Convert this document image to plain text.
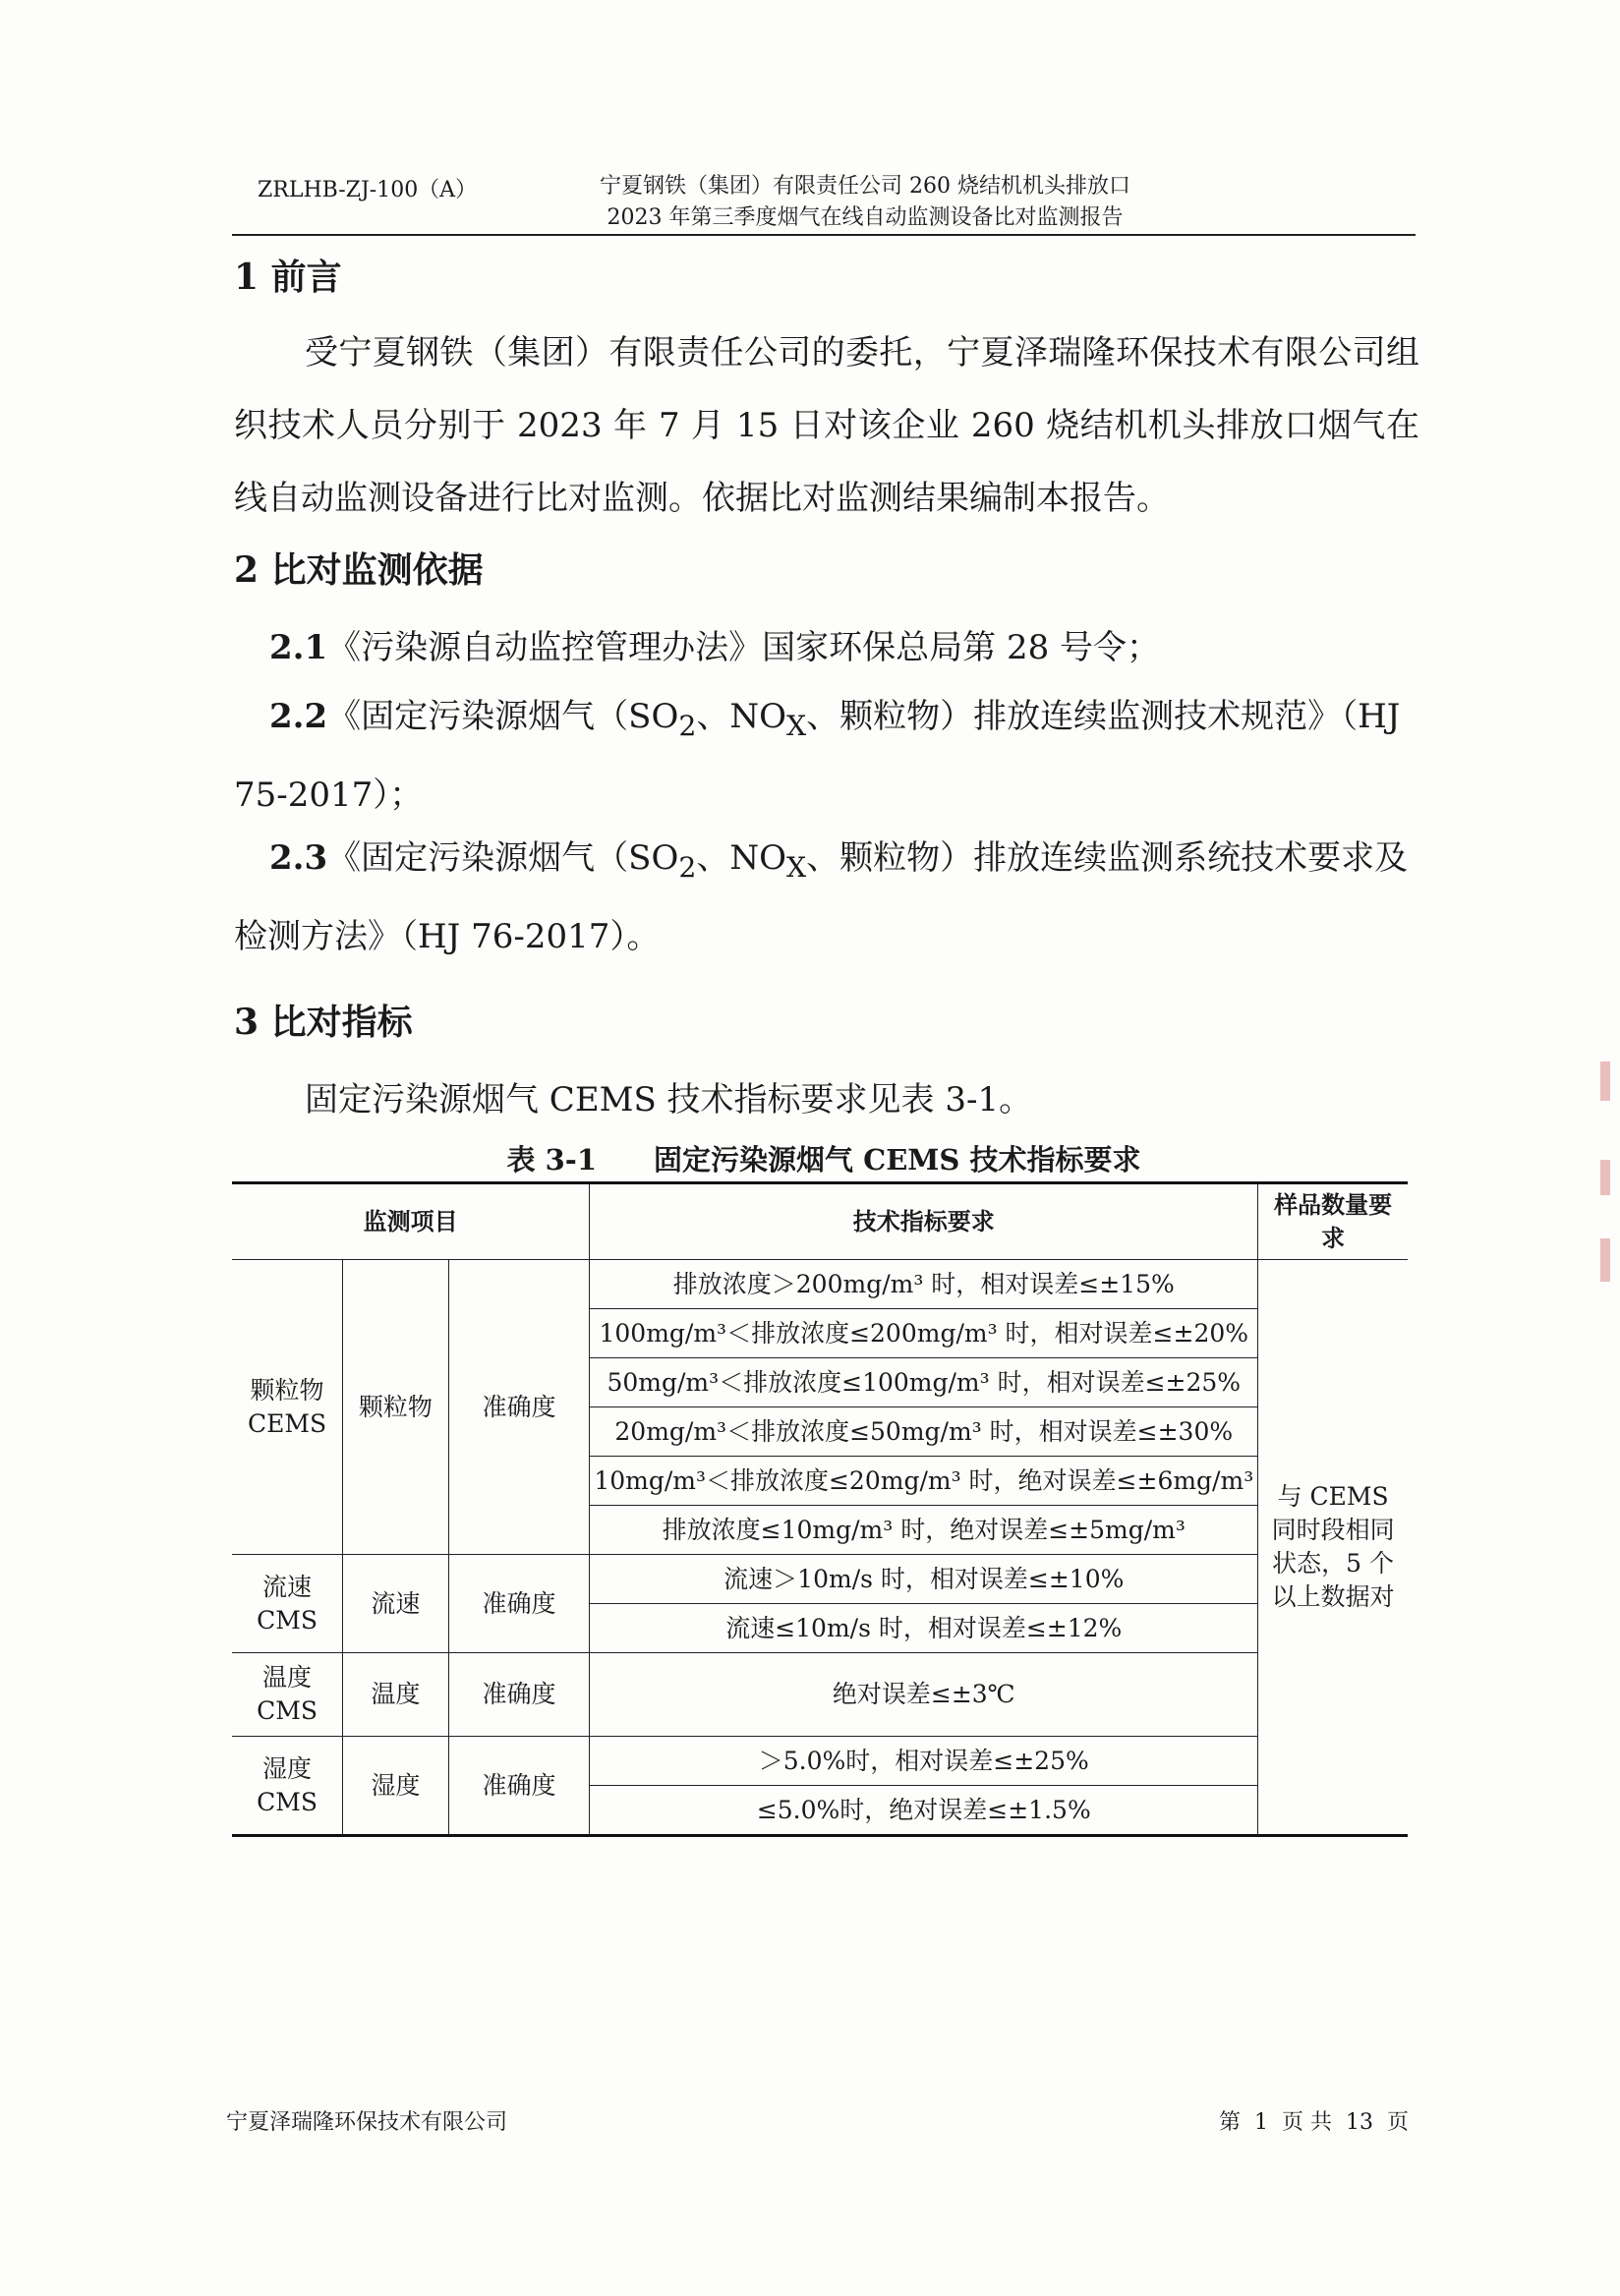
ZRLHB-ZJ-100（A）	宁夏钢铁（集团）有限责任公司 260 烧结机机头排放口
2023 年第三季度烟气在线自动监测设备比对监测报告
1 前言
受宁夏钢铁（集团）有限责任公司的委托，宁夏泽瑞隆环保技术有限公司组织技术人员分别于 2023 年 7 月 15 日对该企业 260 烧结机机头排放口烟气在线自动监测设备进行比对监测。依据比对监测结果编制本报告。
2 比对监测依据
2.1《污染源自动监控管理办法》国家环保总局第 28 号令；
2.2《固定污染源烟气（$SO_2$、$NO_X$、颗粒物）排放连续监测技术规范》（HJ 75-2017）；
2.3《固定污染源烟气（$SO_2$、$NO_X$、颗粒物）排放连续监测系统技术要求及检测方法》（HJ 76-2017）。
3 比对指标
固定污染源烟气 CEMS 技术指标要求见表 3-1。
表 3-1　　固定污染源烟气 CEMS 技术指标要求
监测项目			技术指标要求	样品数量要求
颗粒物CEMS	颗粒物	准确度	排放浓度＞200mg/m³ 时，相对误差≤±15%	与 CEMS 同时段相同状态，5 个以上数据对
			100mg/m³＜排放浓度≤200mg/m³ 时，相对误差≤±20%	
			50mg/m³＜排放浓度≤100mg/m³ 时，相对误差≤±25%	
			20mg/m³＜排放浓度≤50mg/m³ 时，相对误差≤±30%	
			10mg/m³＜排放浓度≤20mg/m³ 时，绝对误差≤±6mg/m³	
			排放浓度≤10mg/m³ 时，绝对误差≤±5mg/m³	
流速CMS	流速	准确度	流速＞10m/s 时，相对误差≤±10%	
			流速≤10m/s 时，相对误差≤±12%	
温度CMS	温度	准确度	绝对误差≤±3℃	
湿度CMS	湿度	准确度	＞5.0%时，相对误差≤±25%	
			≤5.0%时，绝对误差≤±1.5%	
宁夏泽瑞隆环保技术有限公司	第 1 页 共 13 页
